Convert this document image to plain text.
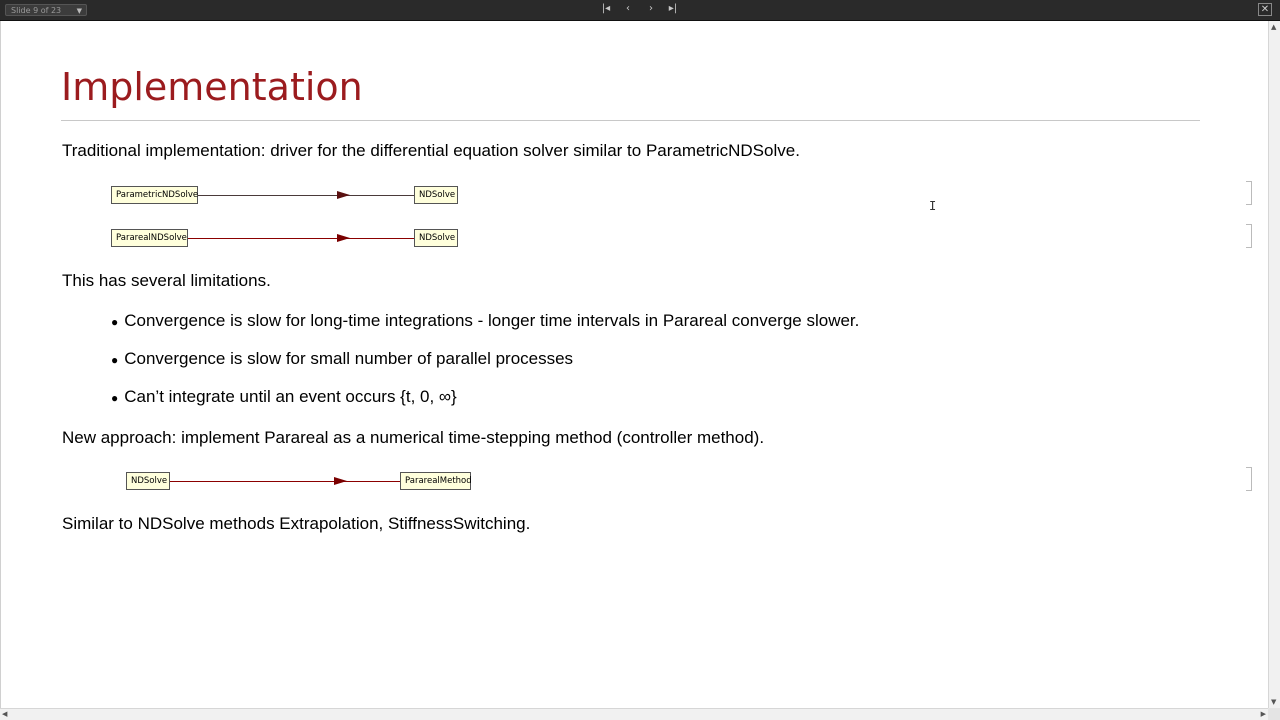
Slide 9 of 23 ▼	|◂	‹	›	▸|	✕
Implementation
Traditional implementation: driver for the differential equation solver similar to ParametricNDSolve.
ParametricNDSolve	NDSolve
PararealNDSolve	NDSolve
This has several limitations.
● Convergence is slow for long-time integrations - longer time intervals in Parareal converge slower.
● Convergence is slow for small number of parallel processes
● Can’t integrate until an event occurs {t, 0, ∞}
New approach: implement Parareal as a numerical time-stepping method (controller method).
NDSolve	PararealMethod
Similar to NDSolve methods Extrapolation, StiffnessSwitching.
I
▲
▼
◀	▶
